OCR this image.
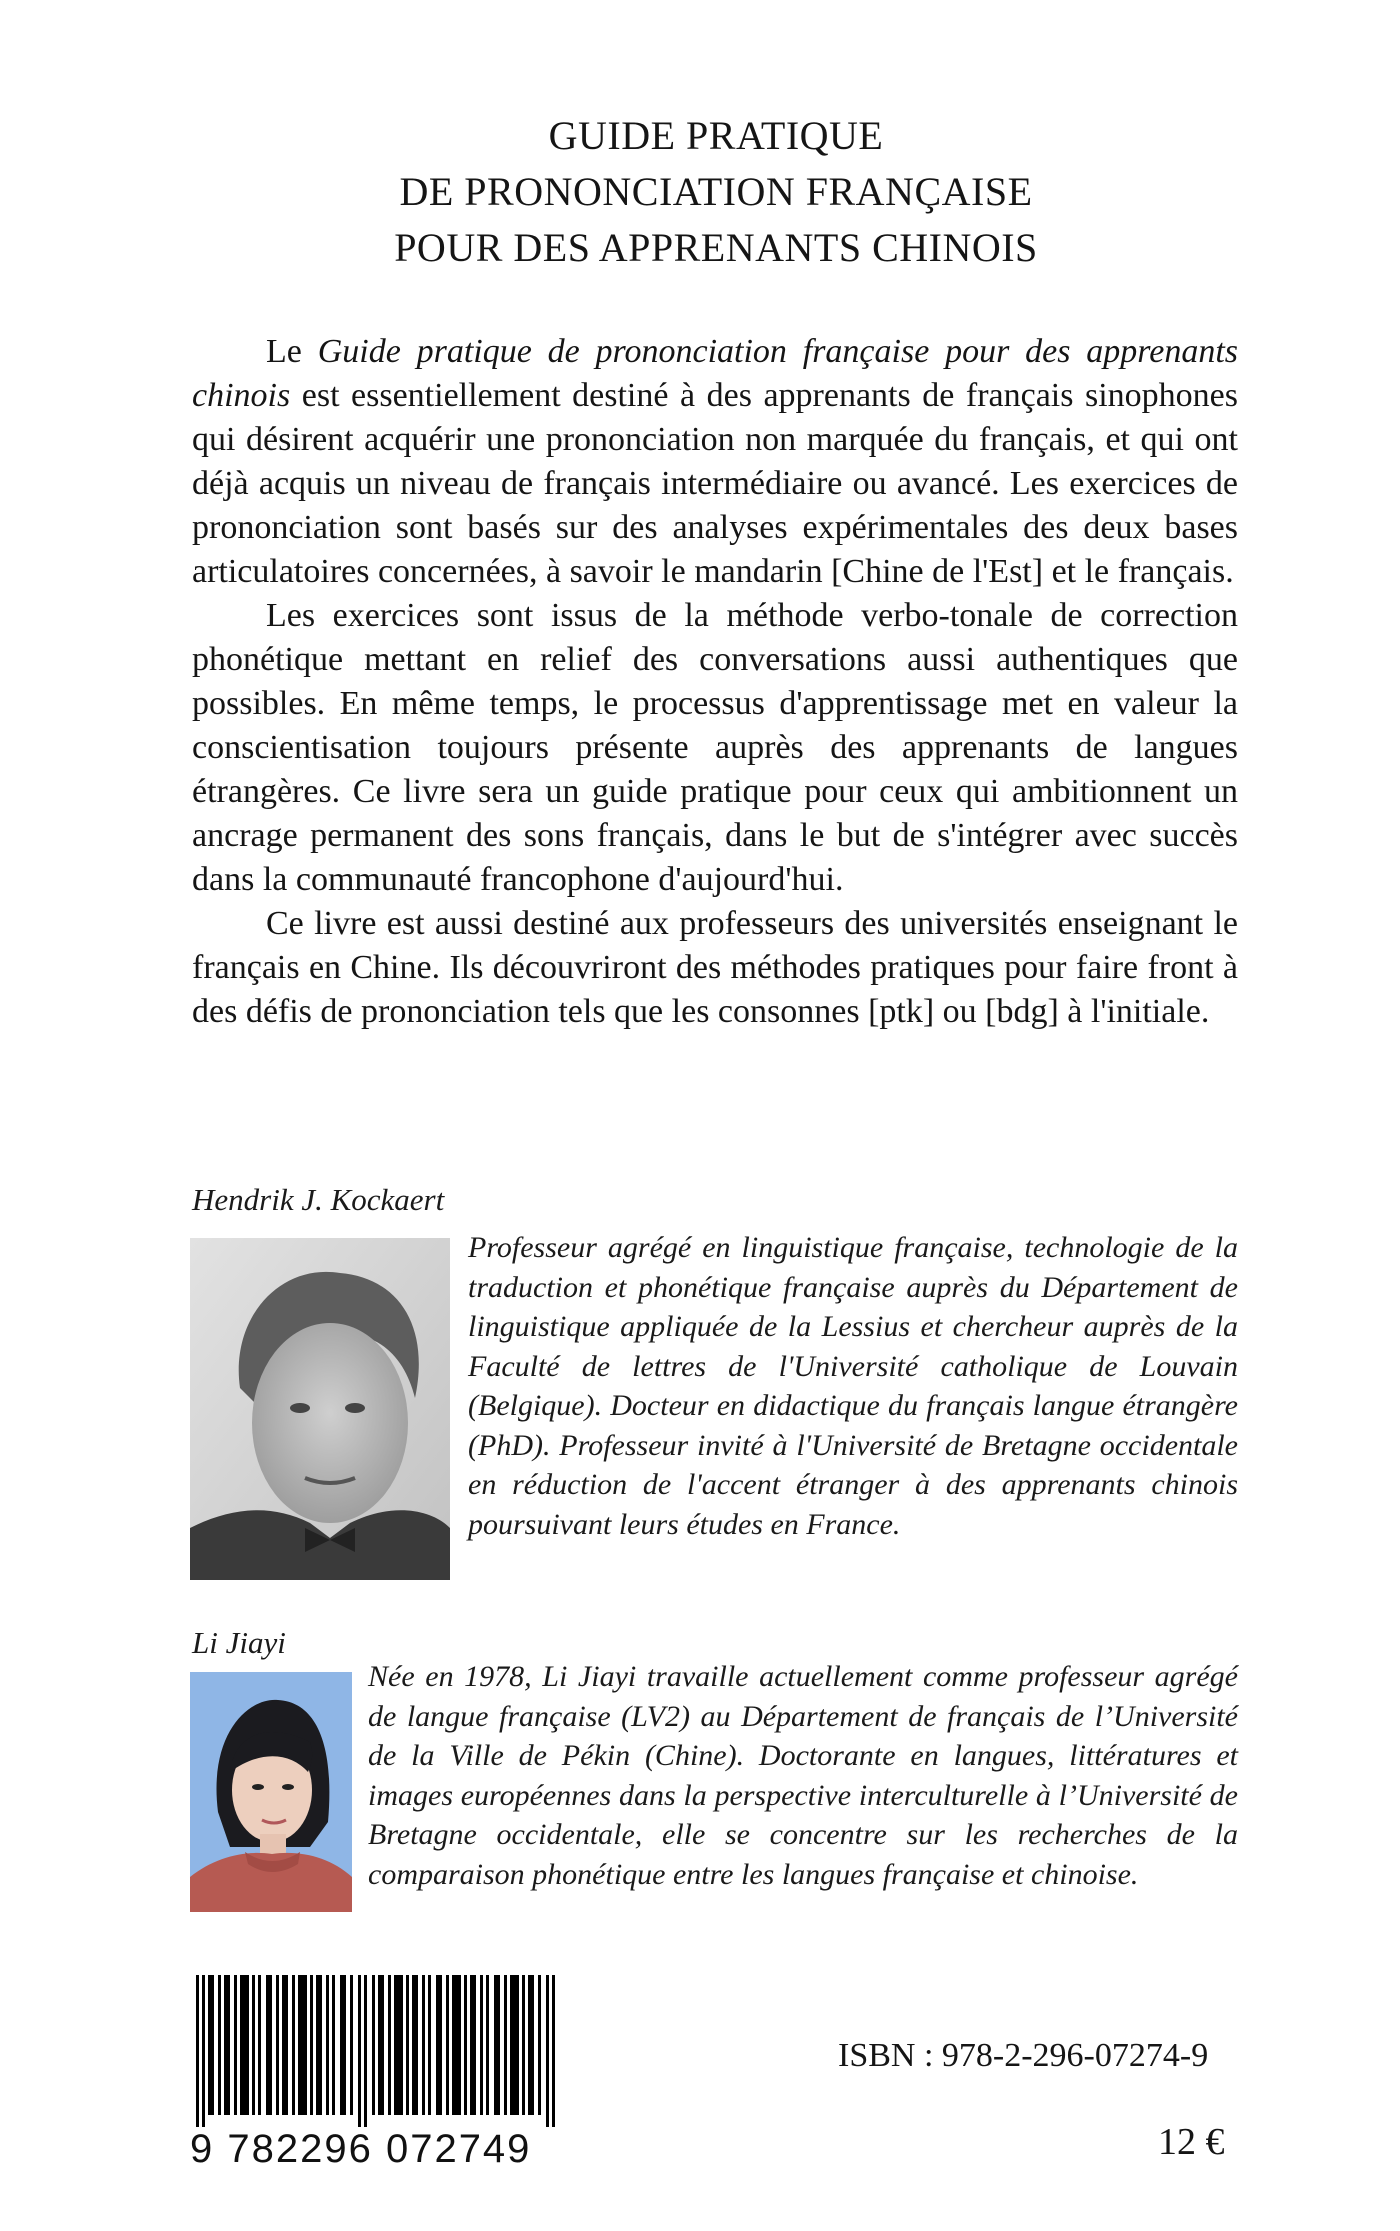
GUIDE PRATIQUE
DE PRONONCIATION FRANÇAISE
POUR DES APPRENANTS CHINOIS

Le Guide pratique de prononciation française pour des apprenants chinois est essentiellement destiné à des apprenants de français sinophones qui désirent acquérir une prononciation non marquée du français, et qui ont déjà acquis un niveau de français intermédiaire ou avancé. Les exercices de prononciation sont basés sur des analyses expérimentales des deux bases articulatoires concernées, à savoir le mandarin [Chine de l'Est] et le français.

Les exercices sont issus de la méthode verbo-tonale de correction phonétique mettant en relief des conversations aussi authentiques que possibles. En même temps, le processus d'apprentissage met en valeur la conscientisation toujours présente auprès des apprenants de langues étrangères. Ce livre sera un guide pratique pour ceux qui ambitionnent un ancrage permanent des sons français, dans le but de s'intégrer avec succès dans la communauté francophone d'aujourd'hui.

Ce livre est aussi destiné aux professeurs des universités enseignant le français en Chine. Ils découvriront des méthodes pratiques pour faire front à des défis de prononciation tels que les consonnes [ptk] ou [bdg] à l'initiale.

Hendrik J. Kockaert
Professeur agrégé en linguistique française, technologie de la traduction et phonétique française auprès du Département de linguistique appliquée de la Lessius et chercheur auprès de la Faculté de lettres de l'Université catholique de Louvain (Belgique). Docteur en didactique du français langue étrangère (PhD). Professeur invité à l'Université de Bretagne occidentale en réduction de l'accent étranger à des apprenants chinois poursuivant leurs études en France.
Li Jiayi
Née en 1978, Li Jiayi travaille actuellement comme professeur agrégé de langue française (LV2) au Département de français de l’Université de la Ville de Pékin (Chine). Doctorante en langues, littératures et images européennes dans la perspective interculturelle à l’Université de Bretagne occidentale, elle se concentre sur les recherches de la comparaison phonétique entre les langues française et chinoise.
9 782296 072749
ISBN : 978-2-296-07274-9
12 €
